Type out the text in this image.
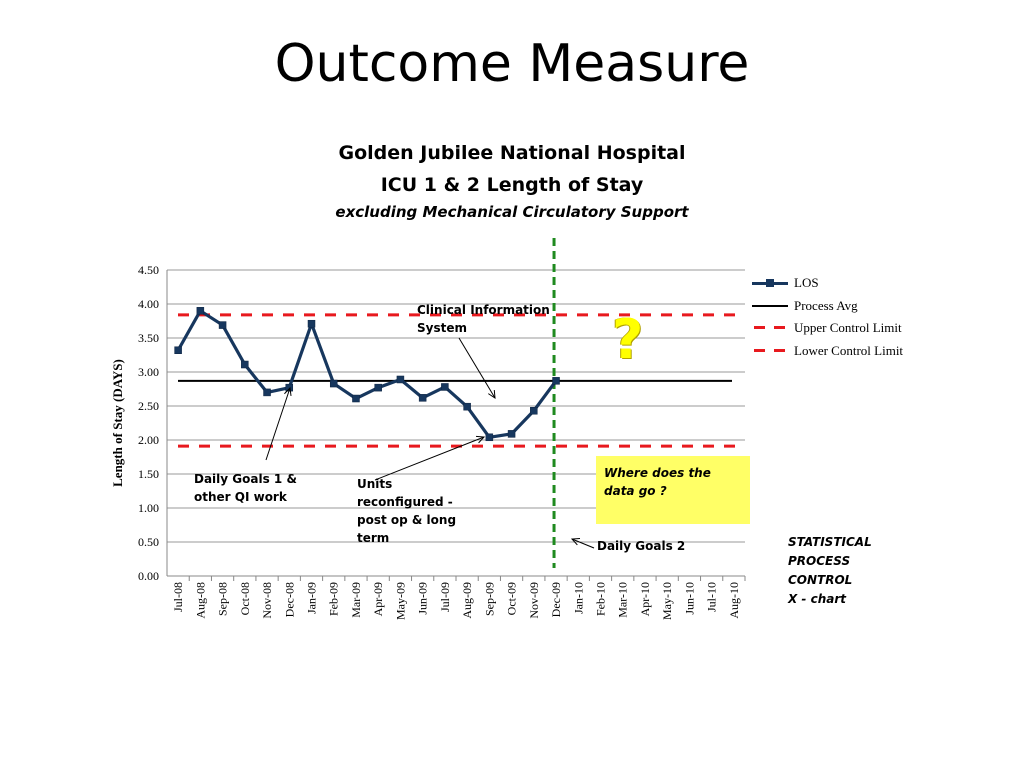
Outcome Measure
Golden Jubilee National Hospital
ICU 1 & 2 Length of Stay
excluding Mechanical Circulatory Support
0.00
0.50
1.00
1.50
2.00
2.50
3.00
3.50
4.00
4.50
Jul-08 Aug-08 Sep-08 Oct-08 Nov-08 Dec-08 Jan-09 Feb-09 Mar-09 Apr-09 May-09 Jun-09 Jul-09 Aug-09 Sep-09 Oct-09 Nov-09 Dec-09 Jan-10 Feb-10 Mar-10 Apr-10 May-10 Jun-10 Jul-10 Aug-10
Length of Stay (DAYS)
LOS
Process Avg
Upper Control Limit
Lower Control Limit
Clinical Information System
Daily Goals 1 & other QI work
Units reconfigured - post op & long term
Daily Goals 2
?
Where does the data go ?
STATISTICAL
PROCESS
CONTROL
X - chart
